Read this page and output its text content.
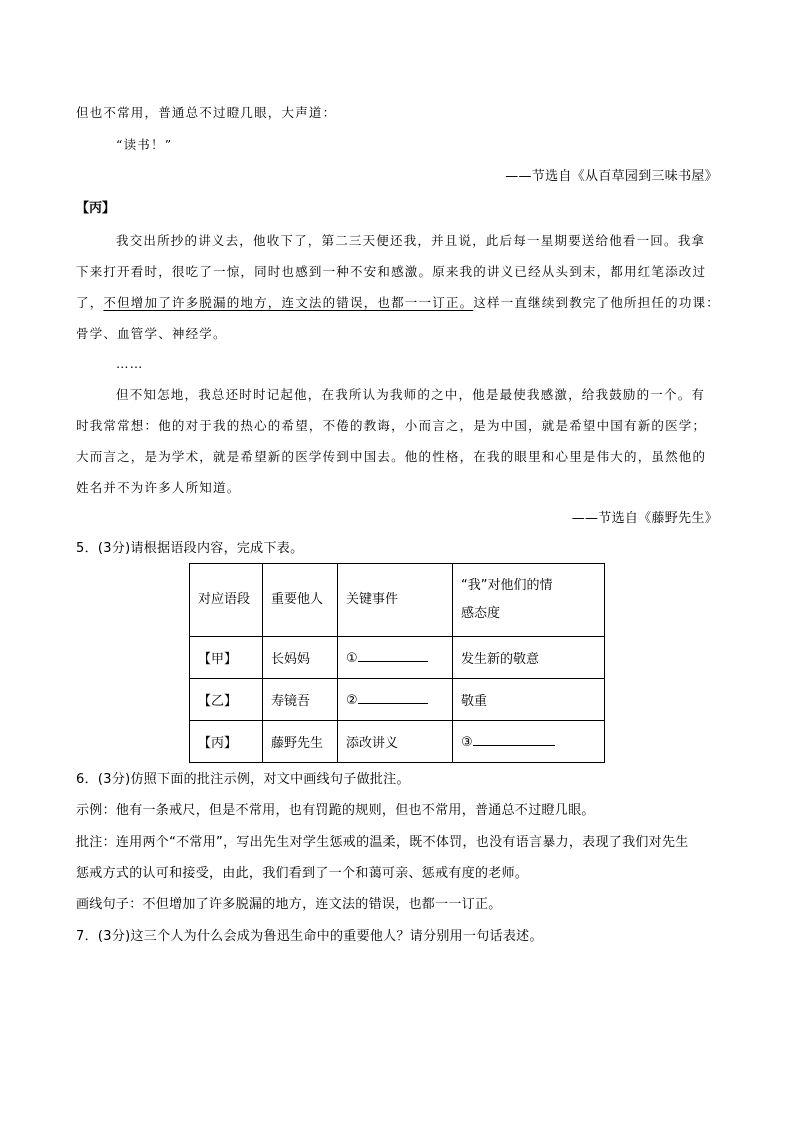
但也不常用，普通总不过瞪几眼，大声道：
“读书！”
——节选自《从百草园到三味书屋》
【丙】
我交出所抄的讲义去，他收下了，第二三天便还我，并且说，此后每一星期要送给他看一回。我拿
下来打开看时，很吃了一惊，同时也感到一种不安和感激。原来我的讲义已经从头到末，都用红笔添改过
了，不但增加了许多脱漏的地方，连文法的错误，也都一一订正。这样一直继续到教完了他所担任的功课：
骨学、血管学、神经学。
……
但不知怎地，我总还时时记起他，在我所认为我师的之中，他是最使我感激，给我鼓励的一个。有
时我常常想：他的对于我的热心的希望，不倦的教诲，小而言之，是为中国，就是希望中国有新的医学；
大而言之，是为学术，就是希望新的医学传到中国去。他的性格，在我的眼里和心里是伟大的，虽然他的
姓名并不为许多人所知道。
——节选自《藤野先生》
5．(3分)请根据语段内容，完成下表。
对应语段	重要他人	关键事件	“我”对他们的情
感态度

【甲】	长妈妈	①	发生新的敬意
【乙】	寿镜吾	②	敬重
【丙】	藤野先生	添改讲义	③
6．(3分)仿照下面的批注示例，对文中画线句子做批注。
示例：他有一条戒尺，但是不常用，也有罚跪的规则，但也不常用，普通总不过瞪几眼。
批注：连用两个“不常用”，写出先生对学生惩戒的温柔，既不体罚，也没有语言暴力，表现了我们对先生
惩戒方式的认可和接受，由此，我们看到了一个和蔼可亲、惩戒有度的老师。
画线句子：不但增加了许多脱漏的地方，连文法的错误，也都一一订正。
7．(3分)这三个人为什么会成为鲁迅生命中的重要他人？请分别用一句话表述。
